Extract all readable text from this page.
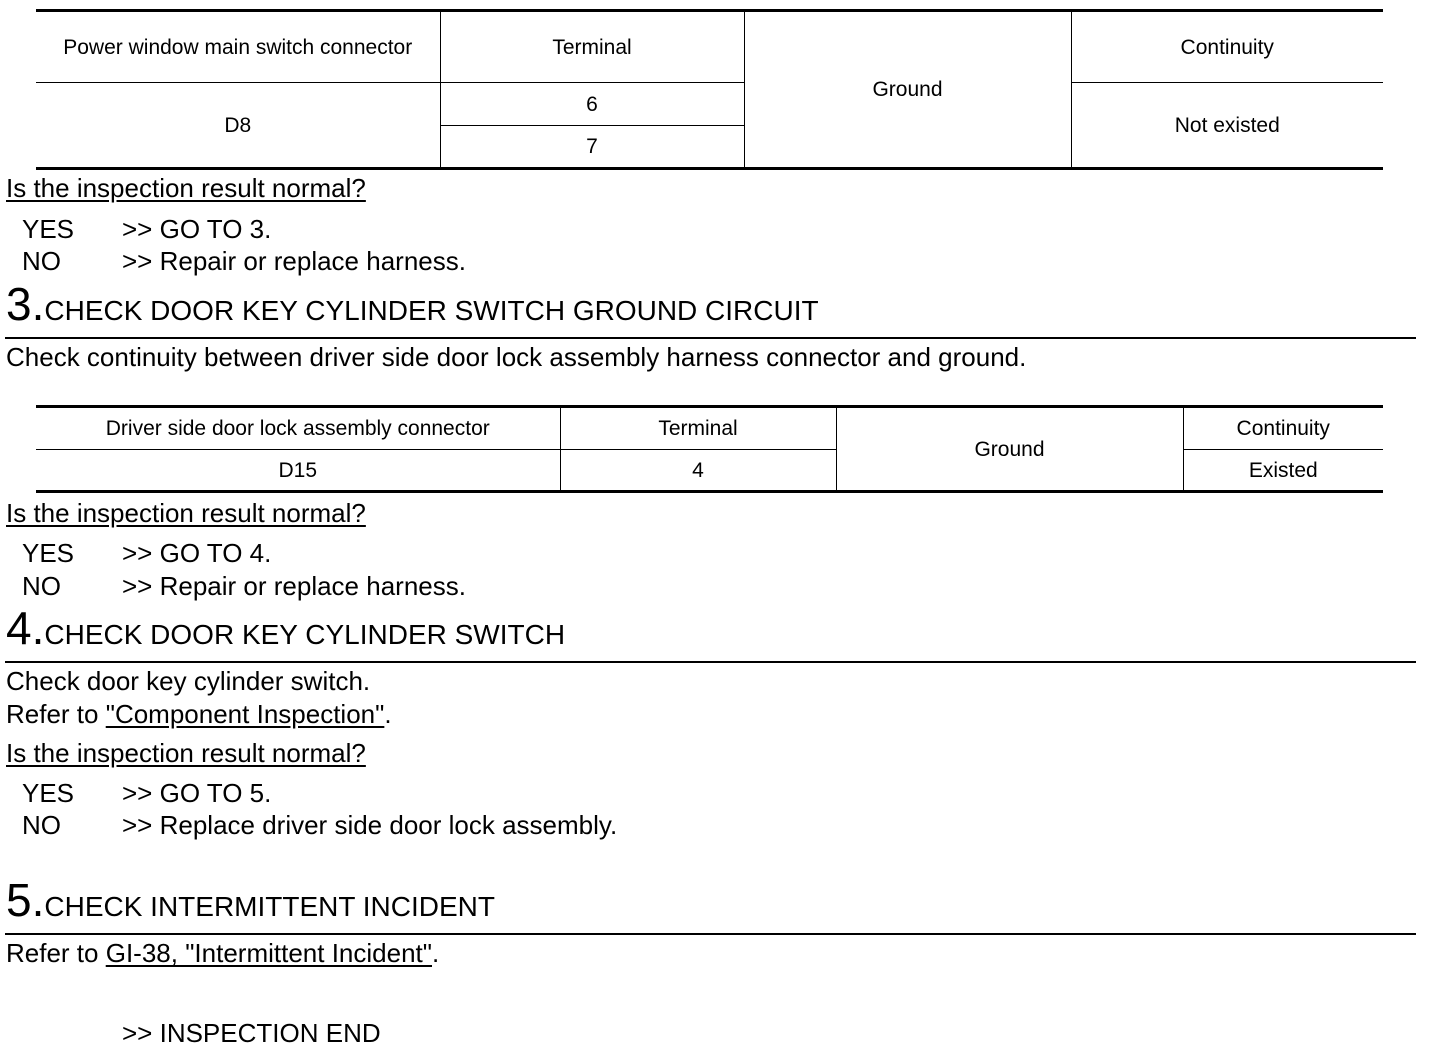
Power window main switch connector	Terminal	Ground	Continuity
D8	6		Not existed
	7		
Is the inspection result normal?
YES >> GO TO 3.
NO >> Repair or replace harness.
3.CHECK DOOR KEY CYLINDER SWITCH GROUND CIRCUIT
Check continuity between driver side door lock assembly harness connector and ground.
Driver side door lock assembly connector	Terminal	Ground	Continuity
D15	4		Existed
Is the inspection result normal?
YES >> GO TO 4.
NO >> Repair or replace harness.
4.CHECK DOOR KEY CYLINDER SWITCH
Check door key cylinder switch.
Refer to "Component Inspection".
Is the inspection result normal?
YES >> GO TO 5.
NO >> Replace driver side door lock assembly.
5.CHECK INTERMITTENT INCIDENT
Refer to GI-38, "Intermittent Incident".
>> INSPECTION END
